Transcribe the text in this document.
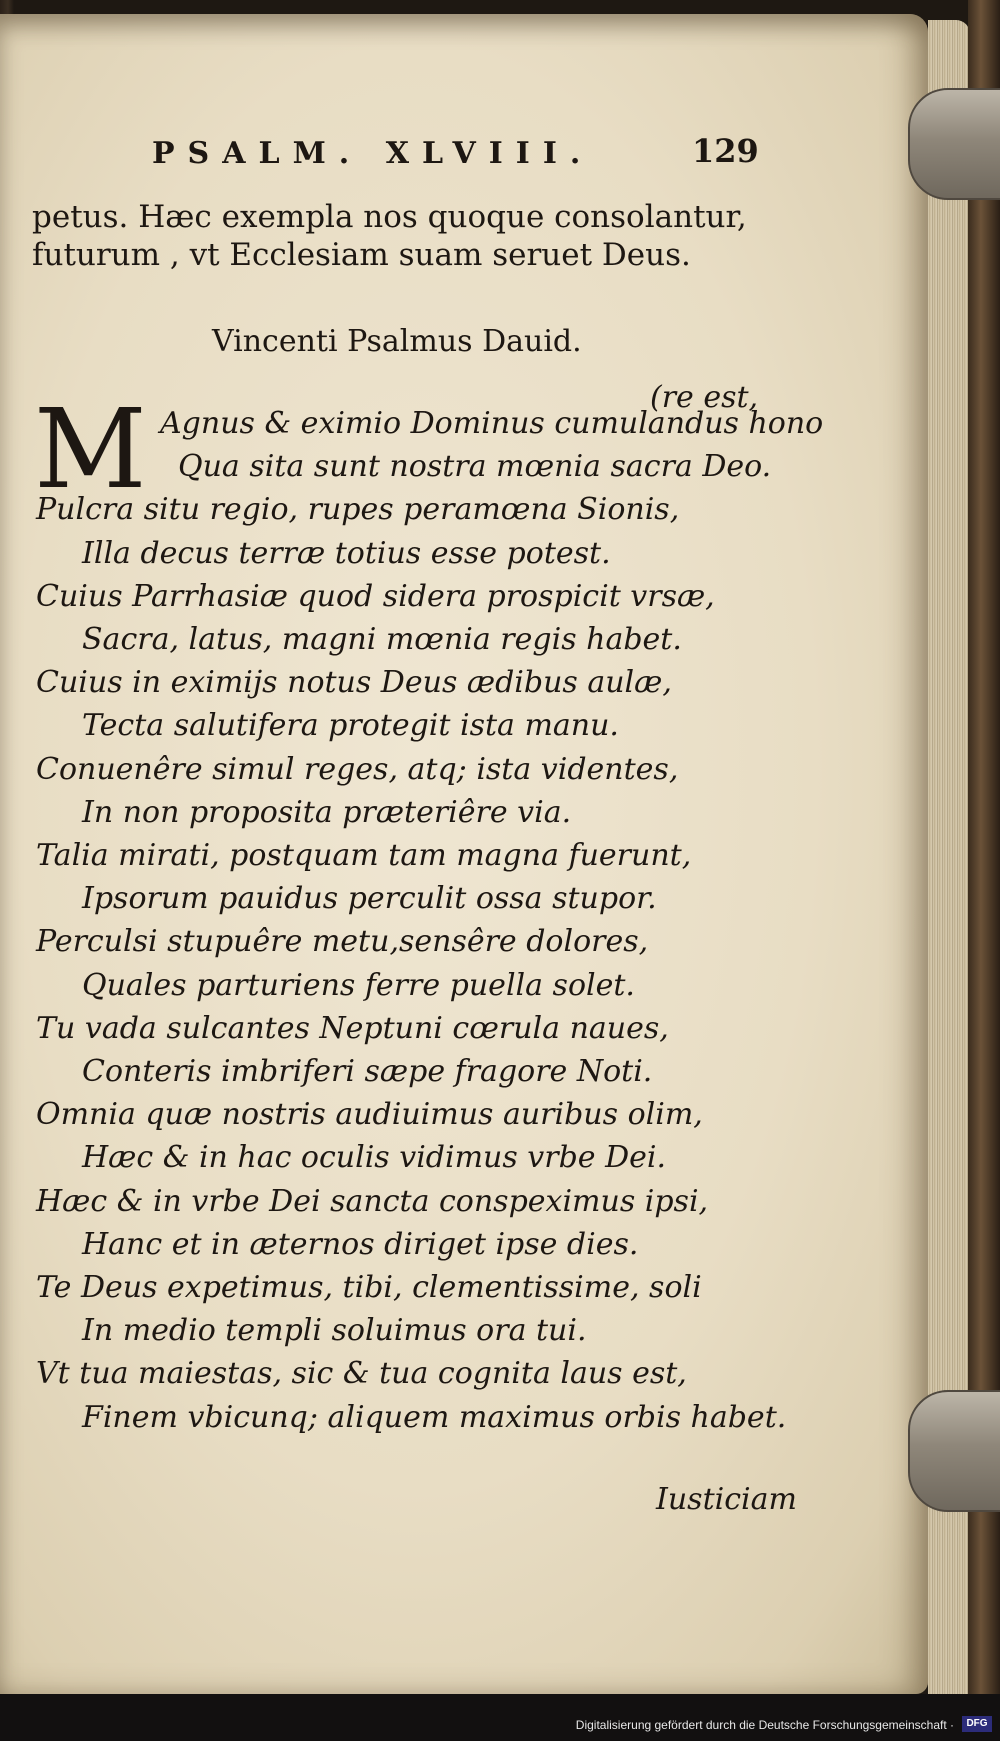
PSALM. XLVIII.	129
petus. Hæc exempla nos quoque consolantur,
futurum , vt Ecclesiam suam seruet Deus.
Vincenti Psalmus Dauid.
(re est,
M Agnus & eximio Dominus cumulandus hono
Qua sita sunt nostra mœnia sacra Deo.
Pulcra situ regio, rupes peramœna Sionis,
Illa decus terræ totius esse potest.
Cuius Parrhasiæ quod sidera prospicit vrsæ,
Sacra, latus, magni mœnia regis habet.
Cuius in eximijs notus Deus ædibus aulæ,
Tecta salutifera protegit ista manu.
Conuenêre simul reges, atq; ista videntes,
In non proposita præteriêre via.
Talia mirati, postquam tam magna fuerunt,
Ipsorum pauidus perculit ossa stupor.
Perculsi stupuêre metu,sensêre dolores,
Quales parturiens ferre puella solet.
Tu vada sulcantes Neptuni cœrula naues,
Conteris imbriferi sæpe fragore Noti.
Omnia quæ nostris audiuimus auribus olim,
Hæc & in hac oculis vidimus vrbe Dei.
Hæc & in vrbe Dei sancta conspeximus ipsi,
Hanc et in æternos diriget ipse dies.
Te Deus expetimus, tibi, clementissime, soli
In medio templi soluimus ora tui.
Vt tua maiestas, sic & tua cognita laus est,
Finem vbicunq; aliquem maximus orbis habet.
Iusticiam
Digitalisierung gefördert durch die Deutsche Forschungsgemeinschaft ·	DFG
